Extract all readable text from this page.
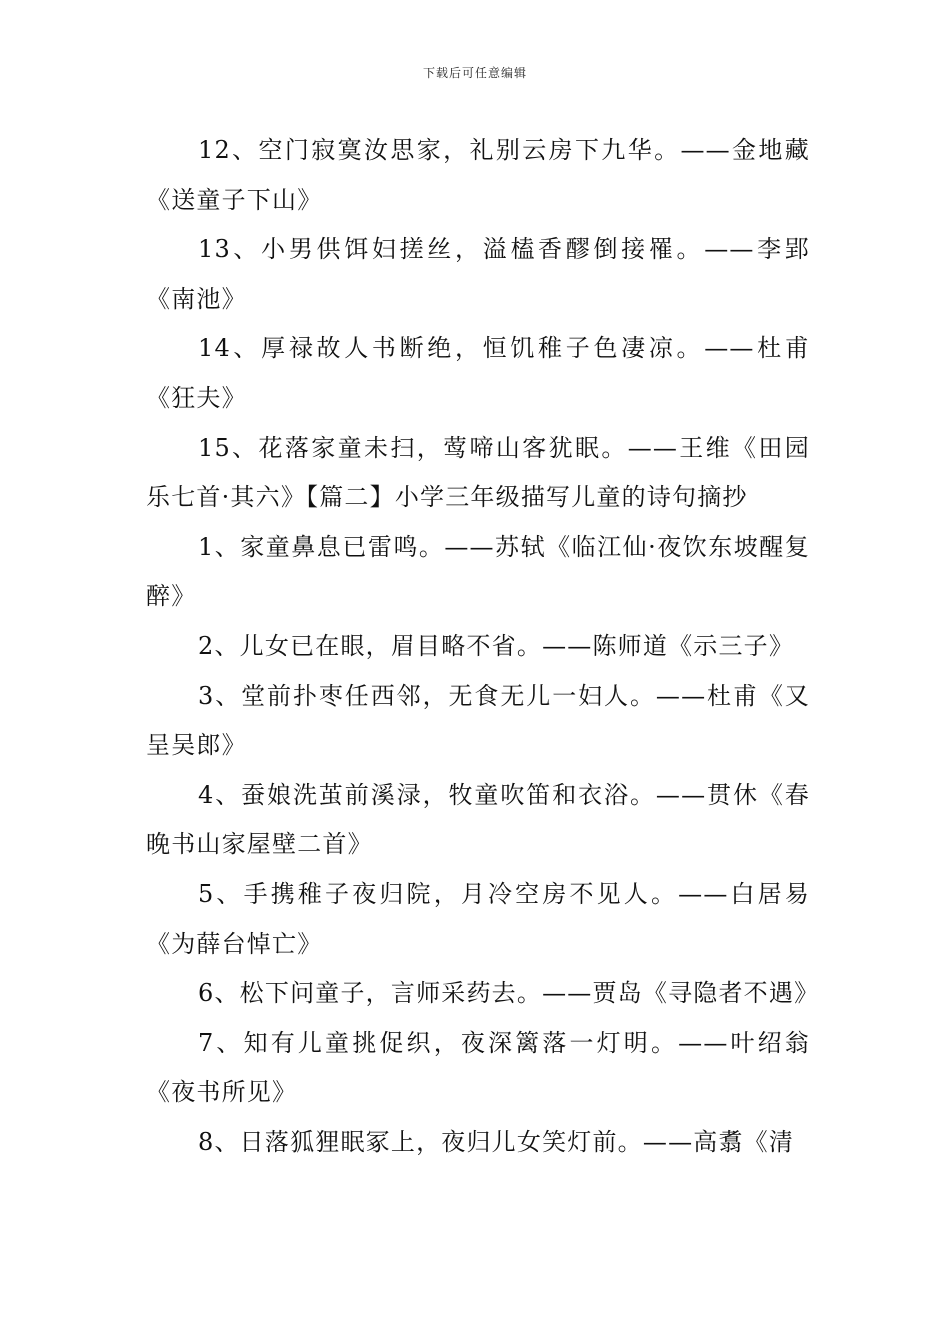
下载后可任意编辑

12、空门寂寞汝思家，礼别云房下九华。——金地藏《送童子下山》

13、小男供饵妇搓丝，溢榼香醪倒接罹。——李郢《南池》

14、厚禄故人书断绝，恒饥稚子色凄凉。——杜甫《狂夫》

15、花落家童未扫，莺啼山客犹眠。——王维《田园乐七首·其六》【篇二】小学三年级描写儿童的诗句摘抄

1、家童鼻息已雷鸣。——苏轼《临江仙·夜饮东坡醒复醉》

2、儿女已在眼，眉目略不省。——陈师道《示三子》

3、堂前扑枣任西邻，无食无儿一妇人。——杜甫《又呈吴郎》

4、蚕娘洗茧前溪渌，牧童吹笛和衣浴。——贯休《春晚书山家屋壁二首》

5、手携稚子夜归院，月冷空房不见人。——白居易《为薛台悼亡》

6、松下问童子，言师采药去。——贾岛《寻隐者不遇》

7、知有儿童挑促织，夜深篱落一灯明。——叶绍翁《夜书所见》

8、日落狐狸眠冢上，夜归儿女笑灯前。——高翥《清
